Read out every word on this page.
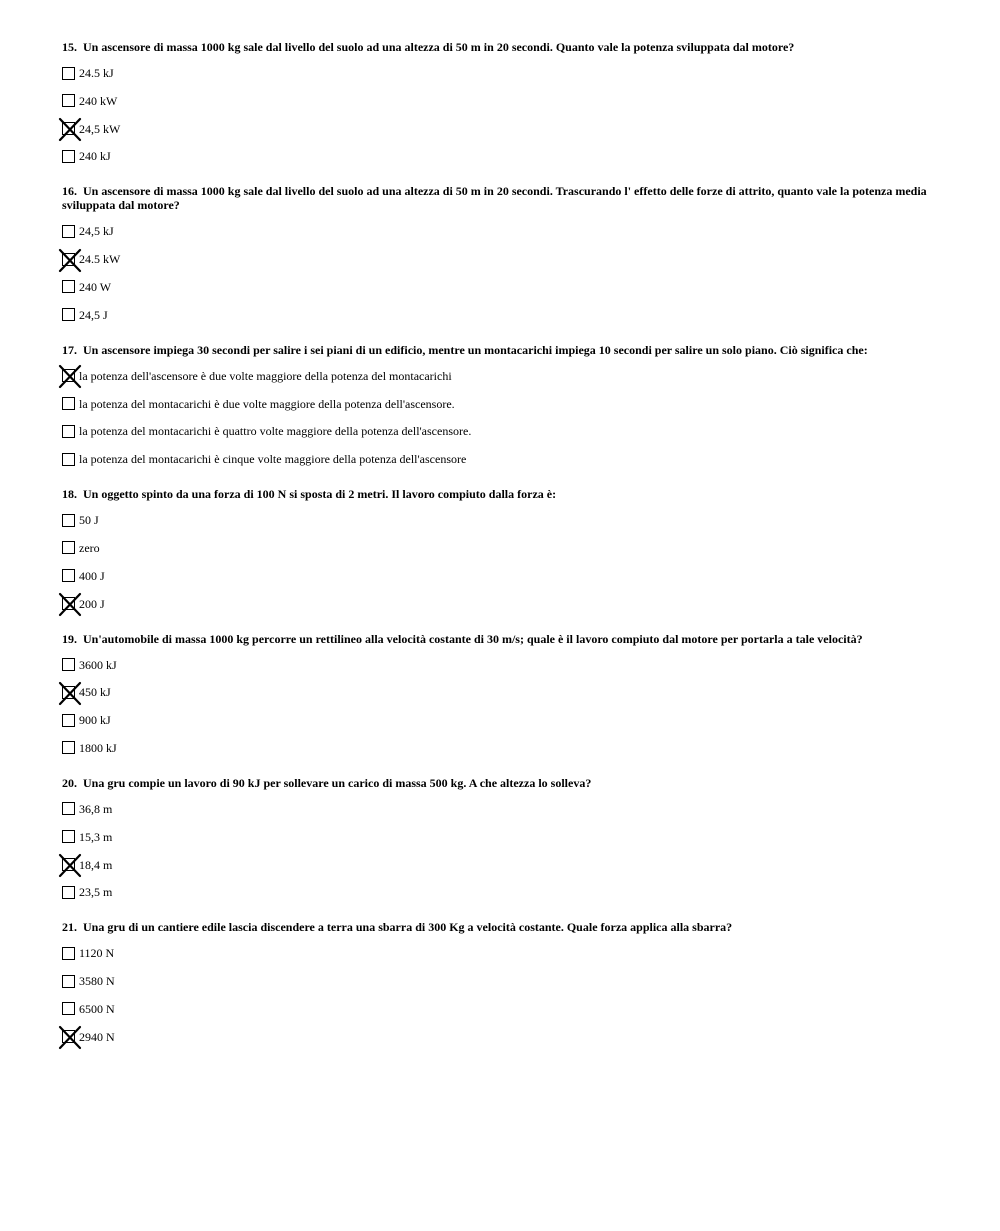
15. Un ascensore di massa 1000 kg sale dal livello del suolo ad una altezza di 50 m in 20 secondi. Quanto vale la potenza sviluppata dal motore?
24.5 kJ
240 kW
24,5 kW
240 kJ
16. Un ascensore di massa 1000 kg sale dal livello del suolo ad una altezza di 50 m in 20 secondi. Trascurando l' effetto delle forze di attrito, quanto vale la potenza media sviluppata dal motore?
24,5 kJ
24.5 kW
240 W
24,5 J
17. Un ascensore impiega 30 secondi per salire i sei piani di un edificio, mentre un montacarichi impiega 10 secondi per salire un solo piano. Ciò significa che:
la potenza dell'ascensore è due volte maggiore della potenza del montacarichi
la potenza del montacarichi è due volte maggiore della potenza dell'ascensore.
la potenza del montacarichi è quattro volte maggiore della potenza dell'ascensore.
la potenza del montacarichi è cinque volte maggiore della potenza dell'ascensore
18. Un oggetto spinto da una forza di 100 N si sposta di 2 metri. Il lavoro compiuto dalla forza è:
50 J
zero
400 J
200 J
19. Un'automobile di massa 1000 kg percorre un rettilineo alla velocità costante di 30 m/s; quale è il lavoro compiuto dal motore per portarla a tale velocità?
3600 kJ
450 kJ
900 kJ
1800 kJ
20. Una gru compie un lavoro di 90 kJ per sollevare un carico di massa 500 kg. A che altezza lo solleva?
36,8 m
15,3 m
18,4 m
23,5 m
21. Una gru di un cantiere edile lascia discendere a terra una sbarra di 300 Kg a velocità costante. Quale forza applica alla sbarra?
1120 N
3580 N
6500 N
2940 N
